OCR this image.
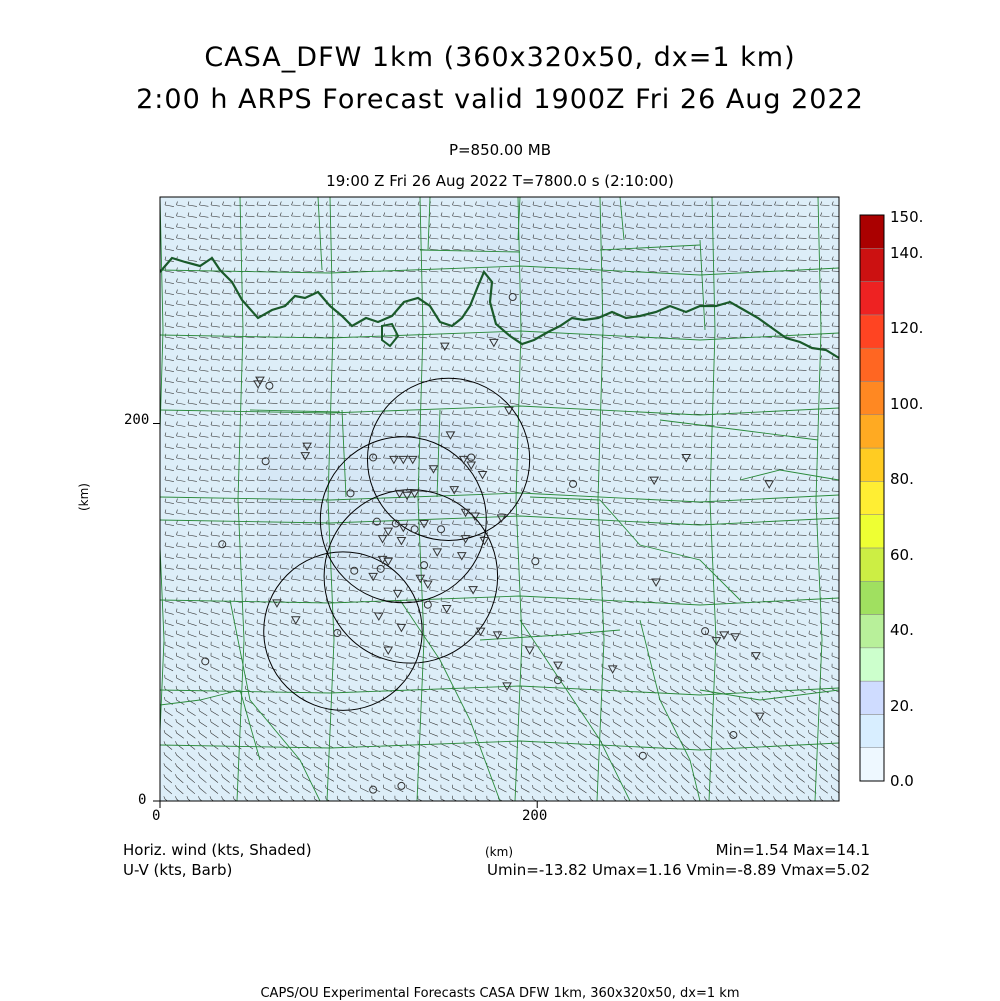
CASA_DFW 1km (360x320x50, dx=1 km)
2:00 h ARPS Forecast valid 1900Z Fri 26 Aug 2022
P=850.00 MB
19:00 Z Fri 26 Aug 2022 T=7800.0 s (2:10:00)
200
0
0	200
(km)
150.
140.
120.
100.
80.
60.
40.
20.
0.0
Horiz. wind (kts, Shaded)
U-V (kts, Barb)
(km)	Min=1.54 Max=14.1
Umin=-13.82 Umax=1.16 Vmin=-8.89 Vmax=5.02
CAPS/OU Experimental Forecasts CASA DFW 1km, 360x320x50, dx=1 km
